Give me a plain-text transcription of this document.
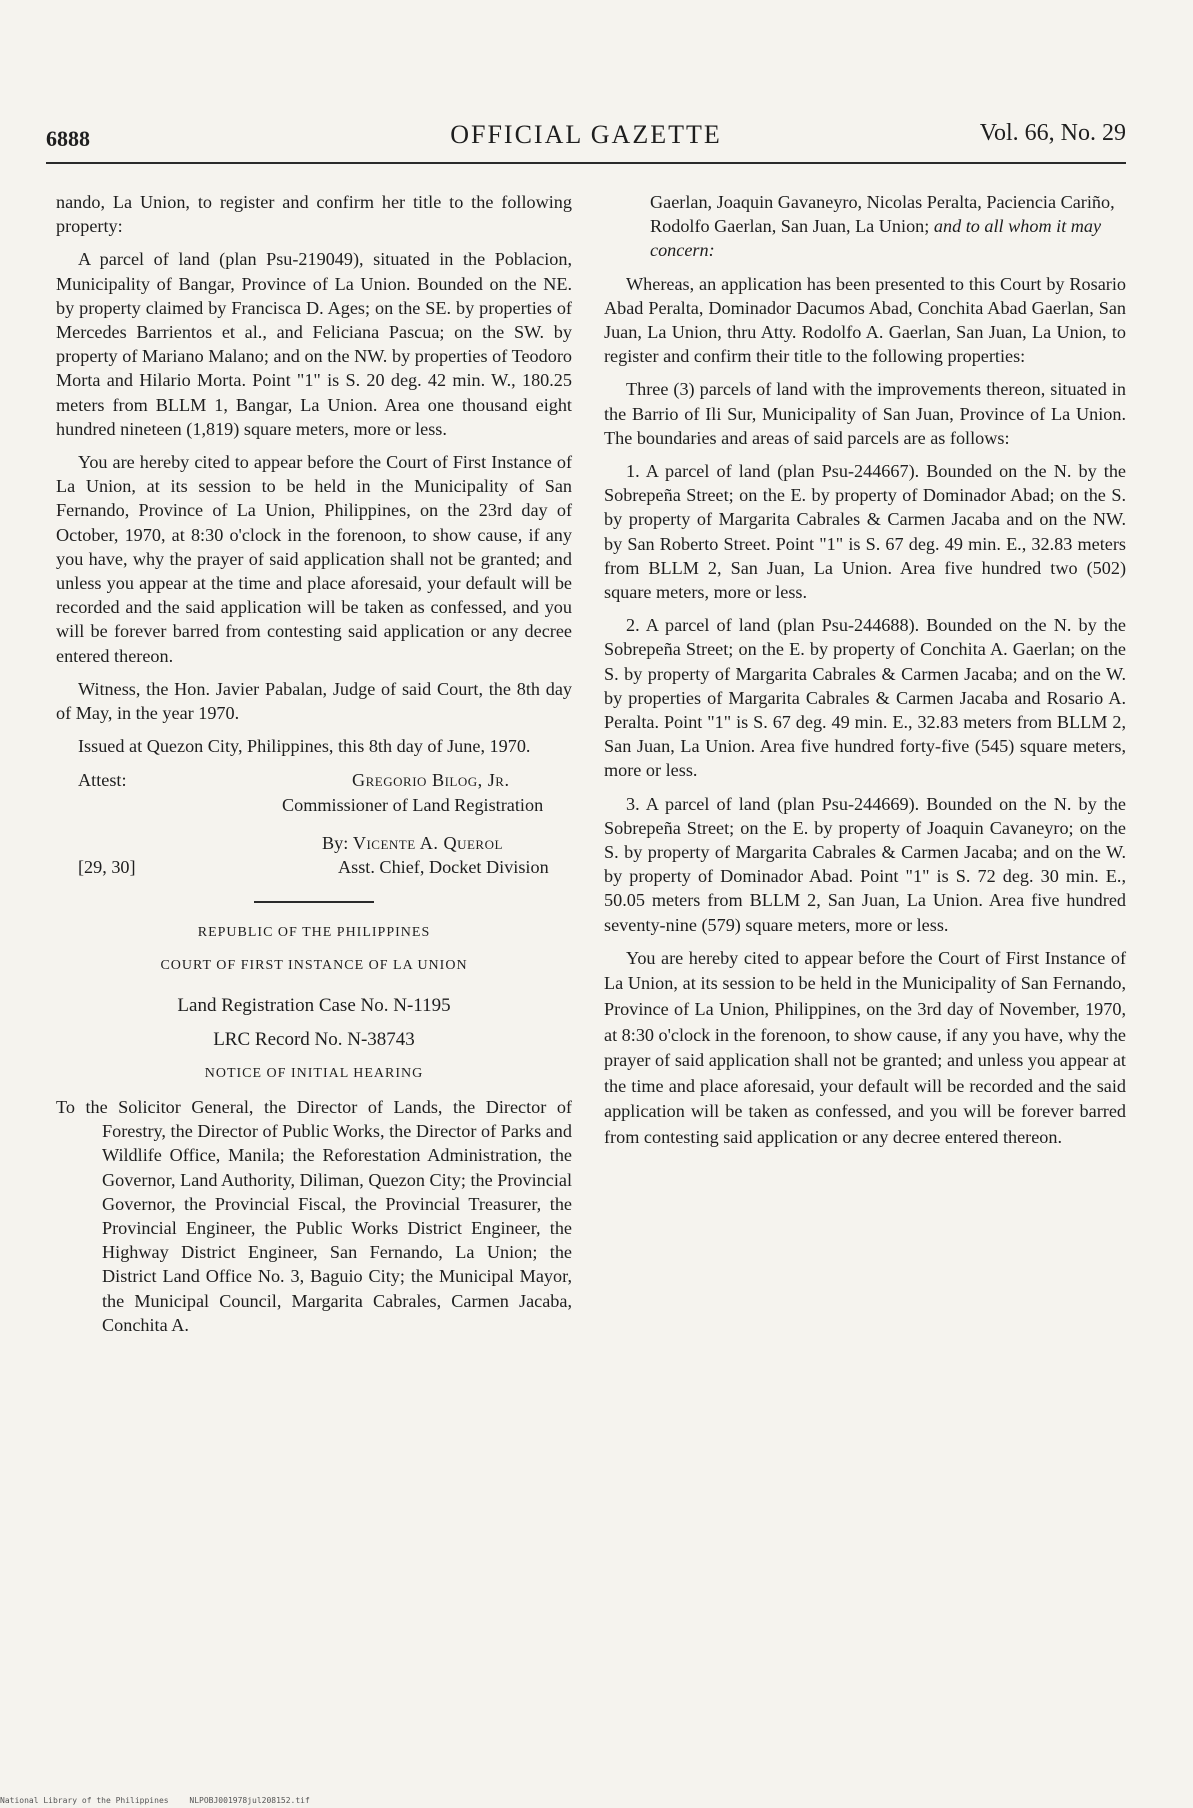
6888	OFFICIAL GAZETTE	Vol. 66, No. 29

nando, La Union, to register and confirm her title to the following property:

A parcel of land (plan Psu-219049), situated in the Poblacion, Municipality of Bangar, Province of La Union. Bounded on the NE. by property claimed by Francisca D. Ages; on the SE. by properties of Mercedes Barrientos et al., and Feliciana Pascua; on the SW. by property of Mariano Malano; and on the NW. by properties of Teodoro Morta and Hilario Morta. Point "1" is S. 20 deg. 42 min. W., 180.25 meters from BLLM 1, Bangar, La Union. Area one thousand eight hundred nineteen (1,819) square meters, more or less.

You are hereby cited to appear before the Court of First Instance of La Union, at its session to be held in the Municipality of San Fernando, Province of La Union, Philippines, on the 23rd day of October, 1970, at 8:30 o'clock in the forenoon, to show cause, if any you have, why the prayer of said application shall not be granted; and unless you appear at the time and place aforesaid, your default will be recorded and the said application will be taken as confessed, and you will be forever barred from contesting said application or any decree entered thereon.

Witness, the Hon. Javier Pabalan, Judge of said Court, the 8th day of May, in the year 1970.

Issued at Quezon City, Philippines, this 8th day of June, 1970.

Attest:	Gregorio Bilog, Jr.
Commissioner of Land Registration
[29, 30]
By: Vicente A. Querol
Asst. Chief, Docket Division

REPUBLIC OF THE PHILIPPINES

COURT OF FIRST INSTANCE OF LA UNION

Land Registration Case No. N-1195

LRC Record No. N-38743

NOTICE OF INITIAL HEARING

To the Solicitor General, the Director of Lands, the Director of Forestry, the Director of Public Works, the Director of Parks and Wildlife Office, Manila; the Reforestation Administration, the Governor, Land Authority, Diliman, Quezon City; the Provincial Governor, the Provincial Fiscal, the Provincial Treasurer, the Provincial Engineer, the Public Works District Engineer, the Highway District Engineer, San Fernando, La Union; the District Land Office No. 3, Baguio City; the Municipal Mayor, the Municipal Council, Margarita Cabrales, Carmen Jacaba, Conchita A.

Gaerlan, Joaquin Gavaneyro, Nicolas Peralta, Paciencia Cariño, Rodolfo Gaerlan, San Juan, La Union; and to all whom it may concern:

Whereas, an application has been presented to this Court by Rosario Abad Peralta, Dominador Dacumos Abad, Conchita Abad Gaerlan, San Juan, La Union, thru Atty. Rodolfo A. Gaerlan, San Juan, La Union, to register and confirm their title to the following properties:

Three (3) parcels of land with the improvements thereon, situated in the Barrio of Ili Sur, Municipality of San Juan, Province of La Union. The boundaries and areas of said parcels are as follows:

1. A parcel of land (plan Psu-244667). Bounded on the N. by the Sobrepeña Street; on the E. by property of Dominador Abad; on the S. by property of Margarita Cabrales & Carmen Jacaba and on the NW. by San Roberto Street. Point "1" is S. 67 deg. 49 min. E., 32.83 meters from BLLM 2, San Juan, La Union. Area five hundred two (502) square meters, more or less.

2. A parcel of land (plan Psu-244688). Bounded on the N. by the Sobrepeña Street; on the E. by property of Conchita A. Gaerlan; on the S. by property of Margarita Cabrales & Carmen Jacaba; and on the W. by properties of Margarita Cabrales & Carmen Jacaba and Rosario A. Peralta. Point "1" is S. 67 deg. 49 min. E., 32.83 meters from BLLM 2, San Juan, La Union. Area five hundred forty-five (545) square meters, more or less.

3. A parcel of land (plan Psu-244669). Bounded on the N. by the Sobrepeña Street; on the E. by property of Joaquin Cavaneyro; on the S. by property of Margarita Cabrales & Carmen Jacaba; and on the W. by property of Dominador Abad. Point "1" is S. 72 deg. 30 min. E., 50.05 meters from BLLM 2, San Juan, La Union. Area five hundred seventy-nine (579) square meters, more or less.

You are hereby cited to appear before the Court of First Instance of La Union, at its session to be held in the Municipality of San Fernando, Province of La Union, Philippines, on the 3rd day of November, 1970, at 8:30 o'clock in the forenoon, to show cause, if any you have, why the prayer of said application shall not be granted; and unless you appear at the time and place aforesaid, your default will be recorded and the said application will be taken as confessed, and you will be forever barred from contesting said application or any decree entered thereon.

National Library of the Philippines	NLPOBJ001978jul208152.tif
